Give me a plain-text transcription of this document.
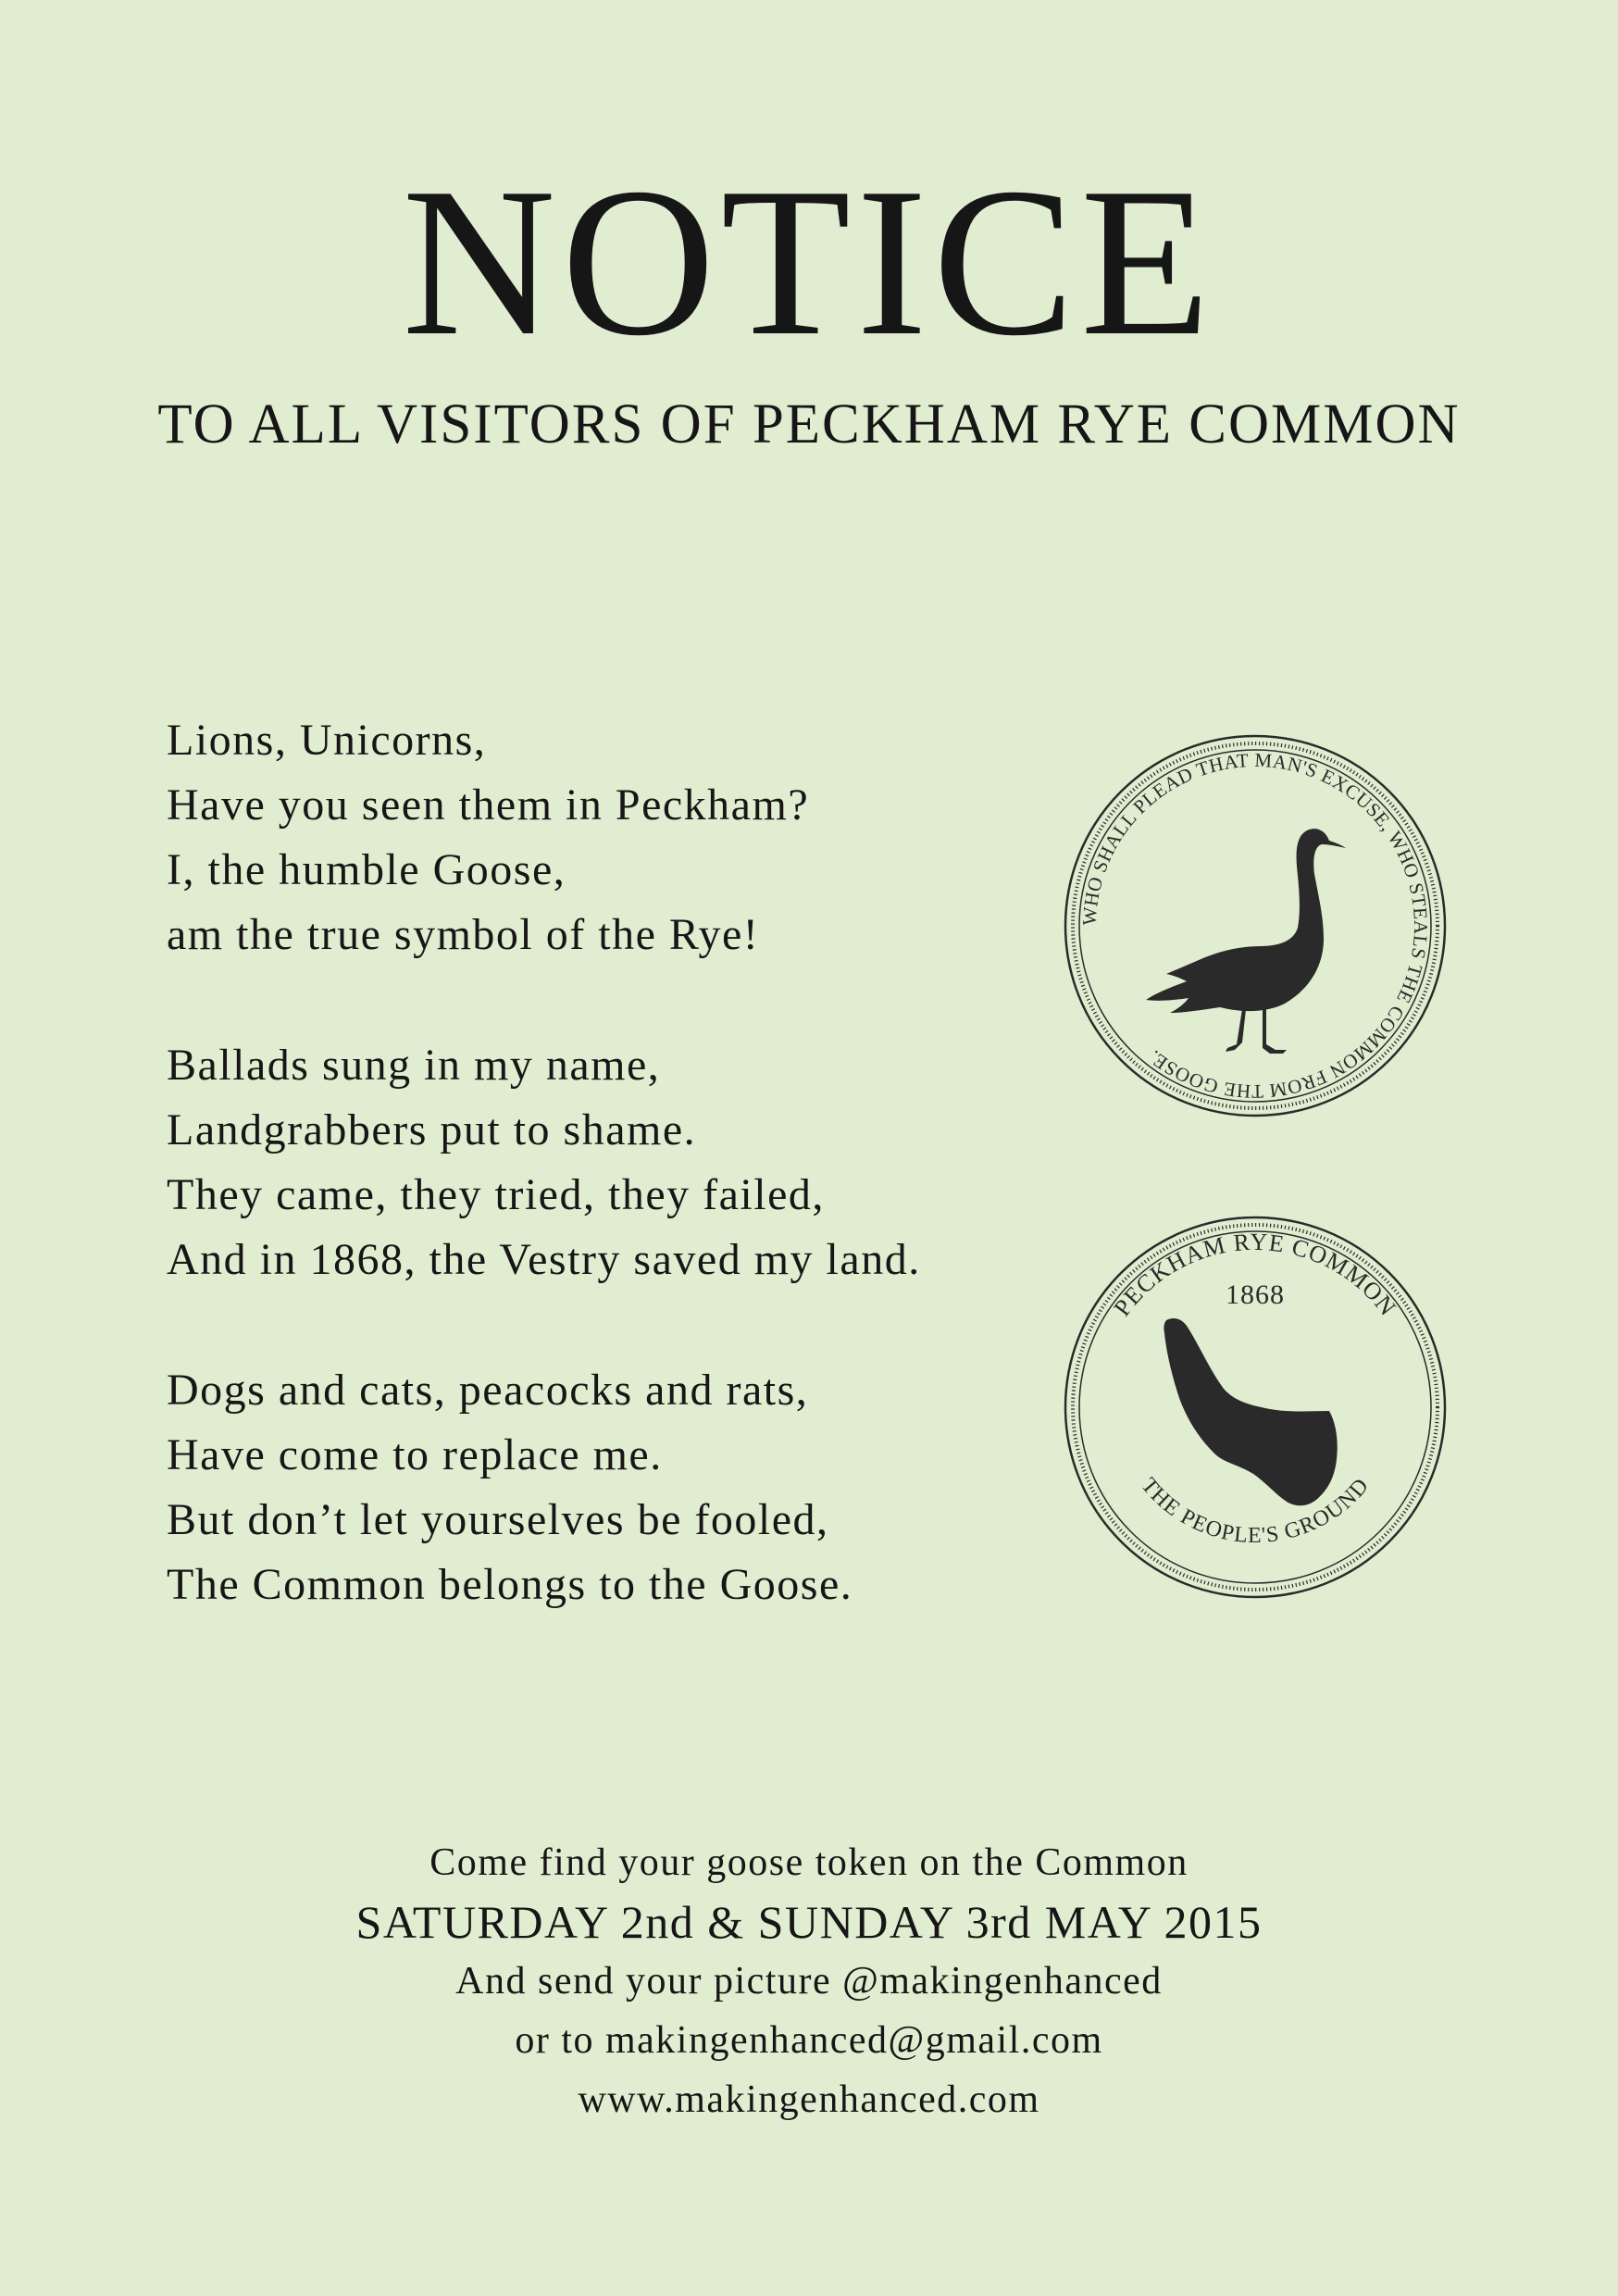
NOTICE
TO ALL VISITORS OF PECKHAM RYE COMMON
Lions, Unicorns,
Have you seen them in Peckham?
I, the humble Goose,
am the true symbol of the Rye!
Ballads sung in my name,
Landgrabbers put to shame.
They came, they tried, they failed,
And in 1868, the Vestry saved my land.
Dogs and cats, peacocks and rats,
Have come to replace me.
But don’t let yourselves be fooled,
The Common belongs to the Goose.
WHO SHALL PLEAD THAT MAN'S EXCUSE, WHO STEALS THE COMMON FROM THE GOOSE.
PECKHAM RYE COMMON
1868
THE PEOPLE'S GROUND
Come find your goose token on the Common
SATURDAY 2nd & SUNDAY 3rd MAY 2015
And send your picture @makingenhanced
or to makingenhanced@gmail.com
www.makingenhanced.com
